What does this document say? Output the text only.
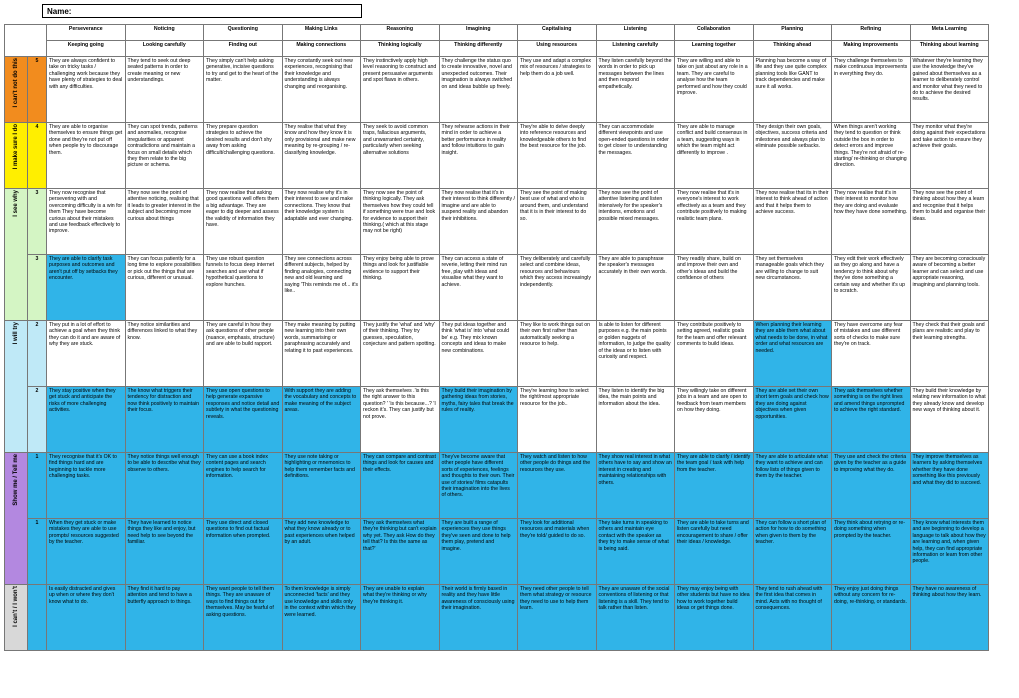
Name:
		Perseverance	Noticing	Questioning	Making Links	Reasoning	Imagining	Capitalising	Listening	Collaboration	Planning	Refining	Meta Learning
		Keeping going	Looking carefully	Finding out	Making connections	Thinking logically	Thinking differently	Using resources	Listening carefully	Learning together	Thinking ahead	Making improvements	Thinking about learning

I can't not do this	5	They are always confident to take on tricky tasks / challenging work because they have plenty of strategies to deal with any difficulties.	They tend to seek out deep seated patterns in order to create meaning or new understandings.	They simply can't help asking generative, incisive questions to try and get to the heart of the matter.	They constantly seek out new experiences, recognising that their knowledge and understanding is always changing and reorganising.	They instinctively apply high level reasoning to construct and present persuasive arguments and spot flaws in others.	They challenge the status quo to create innovative, novel and unexpected outcomes. Their imagination is always switched on and ideas bubble up freely.	They use and adapt a complex mix of resources / strategies to help them do a job well.	They listen carefully beyond the words in order to pick up messages between the lines and then respond empathetically.	They are willing and able to take on just about any role in a team. They are careful to analyse how the team performed and how they could improve.	Planning has become a way of life and they use quite complex planning tools like GANT to track dependencies and make sure it all works.	They challenge themselves to make continuous improvements in everything they do.	Whatever they're learning they use the knowledge they've gained about themselves as a learner to deliberately control and monitor what they need to do to achieve the desired results.

I make sure I do	4	They are able to organise themselves to ensure things get done and they're not put off when people try to discourage them.	They can spot trends, patterns and anomalies, recognise irregularities or apparent contradictions and maintain a focus on small details which they then relate to the big picture or schema.	They prepare question strategies to achieve the desired results and don't shy away from asking difficult/challenging questions.	They realise that what they know and how they know it is only provisional and make new meaning by re-grouping / re-classifying knowledge.	They seek to avoid common traps, fallacious arguments, and unwarranted certainty, particularly when seeking alternative solutions	They rehearse actions in their mind in order to achieve a better performance in reality and follow intuitions to gain insight.	They're able to delve deeply into reference resources and knowledgeable others to find the best resource for the job.	They can accommodate different viewpoints and use open-ended questions in order to get closer to understanding the messages.	They are able to manage conflict and build consensus in a team, suggesting ways in which the team might act differently to improve .	They design their own goals, objectives, success criteria and milestones and always plan to eliminate possible setbacks.	When things aren't working they tend to question or think outside the box in order to detect errors and improve things. They're not afraid of re-starting/ re-thinking or changing direction.	They monitor what they're doing against their expectations and take action to ensure they achieve their goals.

I see why	3	They now recognise that persevering with and overcoming difficulty is a win for them They have become curious about their mistakes and use feedback effectively to improve.	They now see the point of attentive noticing, realising that it leads to greater interest in the subject and becoming more curious about things	They now realise that asking good questions well offers them a big advantage. They are eager to dig deeper and assess the validity of information they have.	They now realise why it's in their interest to see and make connections. They know that their knowledge system is adaptable and ever changing.	They now see the point of thinking logically. They ask themselves how they could tell if something were true and look for evidence to support their thinking.( which at this stage may not be right)	They now realise that it's in their interest to think differently / imagine and are able to suspend reality and abandon their inhibitions.	They see the point of making best use of what and who is around them, and understand that it is in their interest to do so.	They now see the point of attentive listening and listen intensively for the speaker's intentions, emotions and possible mixed messages.	They now realise that it's in everyone's interest to work effectively as a team and they contribute positively to making realistic team plans.	They now realise that its in their interest to think ahead of action and that it helps them to achieve success.	They now realise that it's in their interest to monitor how they are doing and evaluate how they have done something.	They now see the point of thinking about how they a learn and recognise that it helps them to build and organise their ideas.
	3	They are able to clarify task purposes and outcomes and aren't put off by setbacks they encounter.	They can focus patiently for a long time to explore possibilities or pick out the things that are curious, different or unusual.	They use robust question funnels to focus deep internet searches and use what if hypothetical questions to explore hunches.	They see connections across different subjects, helped by finding analogies, connecting new and old learning and saying 'This reminds me of... it's like..	They enjoy being able to prove things and look for justifiable evidence to support their thinking.	They can access a state of reverie, letting their mind run free, play with ideas and visualise what they want to achieve.	They deliberately and carefully select and combine ideas, resources and behaviours which they access increasingly independently.	They are able to paraphrase the speaker's messages accurately in their own words.	They readily share, build on and improve their own and other's ideas and build the confidence of others	They set themselves manageable goals which they are willing to change to suit new circumstances.	They edit their work effectively as they go along and have a tendency to think about why they've done something a certain way and whether it's up to scratch.	They are becoming consciously aware of becoming a better learner and can select and use appropriate reasoning, imagining and planning tools.

I will try	2	They put in a lot of effort to achieve a goal when they think they can do it and are aware of why they are stuck.	They notice similarities and differences linked to what they know.	They are careful in how they ask questions of other people (nuance, emphasis, structure) and are able to build rapport.	They make meaning by putting new learning into their own words, summarising or paraphrasing accurately and relating it to past experiences.	They justify the 'what' and 'why' of their thinking. They try guesses, speculation, conjecture and pattern spotting.	They put ideas together and think 'what is' into 'what could be' e.g. They mix known concepts and ideas to make new combinations.	They like to work things out on their own first rather than automatically seeking a resource to help.	Is able to listen for different purposes e.g. the main points or golden nuggets of information, to judge the quality of the ideas or to listen with curiosity and respect.	They contribute positively to setting agreed, realistic goals for the team and offer relevant comments to build ideas.	When planning their learning they are able them what about what needs to be done, in what order and what resources are needed.	They have overcome any fear of mistakes and use different sorts of checks to make sure they're on track.	They check that their goals and plans are realistic and play to their learning strengths.
	2	They stay positive when they get stuck and anticipate the risks of more challenging activities.	The know what triggers their tendency for distraction and now think positively to maintain their focus.	They use open questions to help generate expansive responses and notice detail and subtlety in what the questioning reveals.	With support they are adding the vocabulary and concepts to make meaning of the subject areas.	They ask themselves .'is this the right answer to this question? ' 'is this because...? 'I reckon it's. They can justify but not prove.	They build their imagination by gathering ideas from stories, myths, fairy tales that break the rules of reality.	They're learning how to select the right/most appropriate resource for the job..	They listen to identify the big idea, the main points and information about the idea.	They willingly take on different jobs in a team and are open to feedback from team members on how they doing.	They are able set their own short term goals and check how they are doing against objectives when given opportunities.	They ask themselves whether something is on the right lines and amend things unprompted to achieve the right standard.	They build their knowledge by relating new information to what they already know and develop new ways of thinking about it.

Show me / Tell me	1	They recognise that it's OK to find things hard and are beginning to tackle more challenging tasks.	They notice things well enough to be able to describe what they observe to others.	They can use a book index content pages and search engines to help search for information.	They use note taking or highlighting or mnemonics to help them remember facts and definitions.	They can compare and contrast things and look for causes and their effects.	They've become aware that other people have different sorts of experiences, feelings and thoughts to their own. Their use of stories/ films catapults their imagination into the lives of others.	They watch and listen to how other people do things and the resources they use.	They show real interest in what others have to say and show an interest in creating and maintaining relationships with others.	They are able to clarify / identify the team goal / task with help from the teacher.	They are able to articulate what they want to achieve and can follow lists of things given to them by the teacher.	They use and check the criteria given by the teacher as a guide to improving what they do.	They improve themselves as learners by asking themselves whether they have done something like this previously and what they did to succeed.
	1	When they get stuck or make mistakes they are able to use prompts/ resources suggested by the teacher.	They have learned to notice things they like and enjoy, but need help to see beyond the familiar.	They use direct and closed questions to find out factual information when prompted.	They add new knowledge to what they know already or to past experiences when helped by an adult.	They ask themselves what they're thinking but can't explain why yet. They ask How do they tell that? Is this the same as that?'	They are built a range of experiences they use things they've seen and done to help them play, pretend and imagine.	They look for additional resources and materials when they're told/ guided to do so.	They take turns in speaking to others and maintain eye contact with the speaker as they try to make sense of what is being said.	They are able to take turns and listen carefully but need encouragement to share / offer their ideas / knowledge.	They can follow a short plan of action for how to do something when given to them by the teacher.	They think about retrying or re-doing something when prompted by the teacher.	They know what interests them and are beginning to develop a language to talk about how they are learning and, when given help, they can find appropriate information or learn from other people.

I can't / I won't		Is easily distracted and gives up when or where they don't know what to do.	They find it hard to pay attention and tend to have a butterfly approach to things.	They want people to tell them things. They are unaware of ways to find things out for themselves. May be fearful of asking questions.	To them knowledge is simply unconnected 'facts' and they use knowledge and skills only in the context within which they were learned.	They are unable to explain what they're thinking or why they're thinking it.	Their world is firmly based in reality and they have little awareness of consciously using their imagination.	They need other people to tell them what strategy or resource they need to use to help them learn.	They are unaware of the social conventions of listening or that listening is a skill. They tend to talk rather than listen.	They may enjoy being with other students but have no idea how to work together build ideas or get things done.	They tend to rush ahead with the first idea that comes in mind. Acts with no thought of consequences.	They enjoy just doing things without any concern for re-doing, re-thinking, or standards.	They have no awareness of thinking about how they learn.
